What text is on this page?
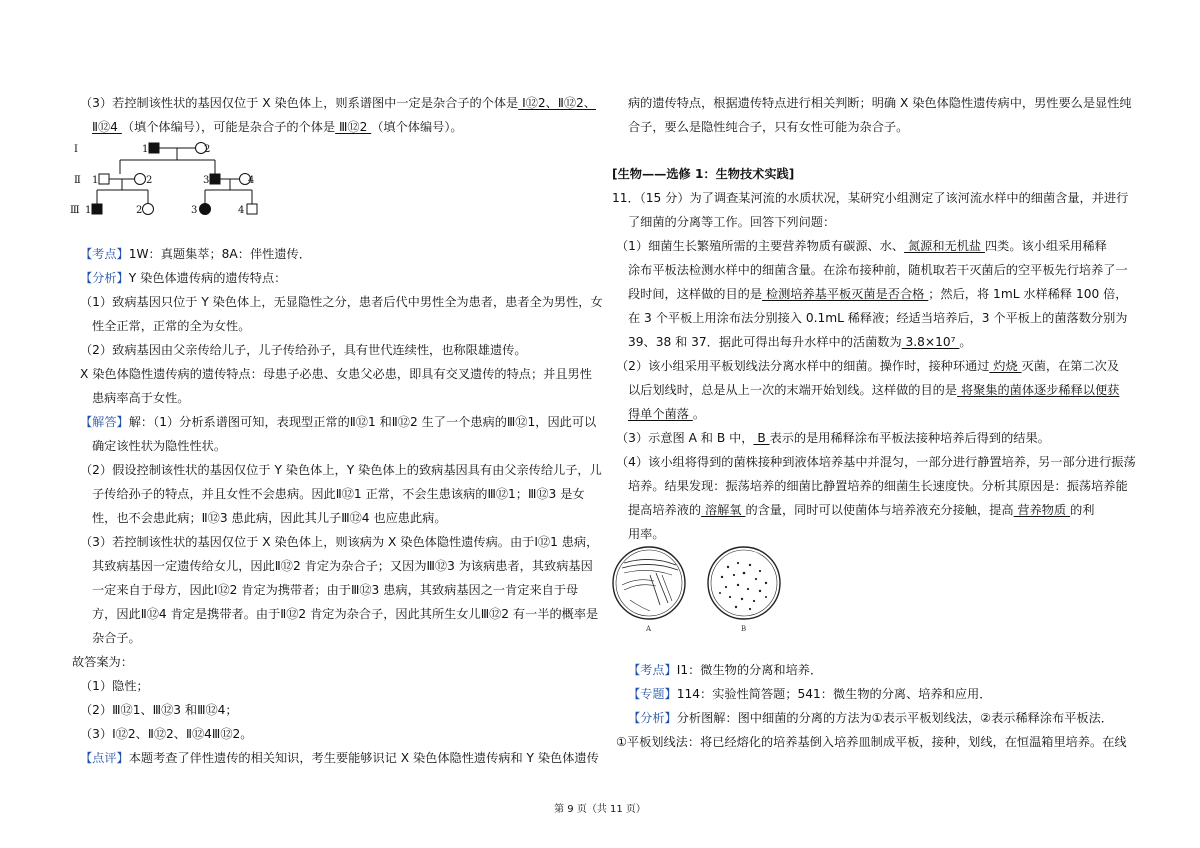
（3）若控制该性状的基因仅位于 X 染色体上，则系谱图中一定是杂合子的个体是 Ⅰ⑫2、Ⅱ⑫2、
Ⅱ⑫4 （填个体编号），可能是杂合子的个体是 Ⅲ⑫2 （填个体编号）。
Ⅰ
Ⅱ
Ⅲ
1	2
1	2	3	4
1	2	3	4
【考点】1W：真题集萃；8A：伴性遗传．
【分析】Y 染色体遗传病的遗传特点：
（1）致病基因只位于 Y 染色体上，无显隐性之分，患者后代中男性全为患者，患者全为男性，女
性全正常，正常的全为女性。
（2）致病基因由父亲传给儿子，儿子传给孙子，具有世代连续性，也称限雄遗传。
X 染色体隐性遗传病的遗传特点：母患子必患、女患父必患，即具有交叉遗传的特点；并且男性
患病率高于女性。
【解答】解：（1）分析系谱图可知，表现型正常的Ⅱ⑫1 和Ⅱ⑫2 生了一个患病的Ⅲ⑫1，因此可以
确定该性状为隐性性状。
（2）假设控制该性状的基因仅位于 Y 染色体上，Y 染色体上的致病基因具有由父亲传给儿子，儿
子传给孙子的特点，并且女性不会患病。因此Ⅱ⑫1 正常，不会生患该病的Ⅲ⑫1；Ⅲ⑫3 是女
性，也不会患此病；Ⅱ⑫3 患此病，因此其儿子Ⅲ⑫4 也应患此病。
（3）若控制该性状的基因仅位于 X 染色体上，则该病为 X 染色体隐性遗传病。由于Ⅰ⑫1 患病，
其致病基因一定遗传给女儿，因此Ⅱ⑫2 肯定为杂合子；又因为Ⅲ⑫3 为该病患者，其致病基因
一定来自于母方，因此Ⅰ⑫2 肯定为携带者；由于Ⅲ⑫3 患病，其致病基因之一肯定来自于母
方，因此Ⅱ⑫4 肯定是携带者。由于Ⅱ⑫2 肯定为杂合子，因此其所生女儿Ⅲ⑫2 有一半的概率是
杂合子。
故答案为：
（1）隐性；
（2）Ⅲ⑫1、Ⅲ⑫3 和Ⅲ⑫4；
（3）Ⅰ⑫2、Ⅱ⑫2、Ⅱ⑫4Ⅲ⑫2。
【点评】本题考查了伴性遗传的相关知识，考生要能够识记 X 染色体隐性遗传病和 Y 染色体遗传
病的遗传特点，根据遗传特点进行相关判断；明确 X 染色体隐性遗传病中，男性要么是显性纯
合子，要么是隐性纯合子，只有女性可能为杂合子。
[生物——选修 1：生物技术实践]
11．（15 分）为了调查某河流的水质状况，某研究小组测定了该河流水样中的细菌含量，并进行
了细菌的分离等工作。回答下列问题：
（1）细菌生长繁殖所需的主要营养物质有碳源、水、 氮源和无机盐 四类。该小组采用稀释
涂布平板法检测水样中的细菌含量。在涂布接种前，随机取若干灭菌后的空平板先行培养了一
段时间，这样做的目的是 检测培养基平板灭菌是否合格 ；然后，将 1mL 水样稀释 100 倍，
在 3 个平板上用涂布法分别接入 0.1mL 稀释液；经适当培养后，3 个平板上的菌落数分别为
39、38 和 37．据此可得出每升水样中的活菌数为 3.8×10⁷ 。
（2）该小组采用平板划线法分离水样中的细菌。操作时，接种环通过 灼烧 灭菌，在第二次及
以后划线时，总是从上一次的末端开始划线。这样做的目的是 将聚集的菌体逐步稀释以便获
得单个菌落 。
（3）示意图 A 和 B 中， B 表示的是用稀释涂布平板法接种培养后得到的结果。
（4）该小组将得到的菌株接种到液体培养基中并混匀，一部分进行静置培养，另一部分进行振荡
培养。结果发现：振荡培养的细菌比静置培养的细菌生长速度快。分析其原因是：振荡培养能
提高培养液的 溶解氧 的含量，同时可以使菌体与培养液充分接触，提高 营养物质 的利
用率。
A	B
【考点】I1：微生物的分离和培养．
【专题】114：实验性简答题；541：微生物的分离、培养和应用．
【分析】分析图解：图中细菌的分离的方法为①表示平板划线法，②表示稀释涂布平板法．
①平板划线法：将已经熔化的培养基倒入培养皿制成平板，接种，划线，在恒温箱里培养。在线
第 9 页（共 11 页）
